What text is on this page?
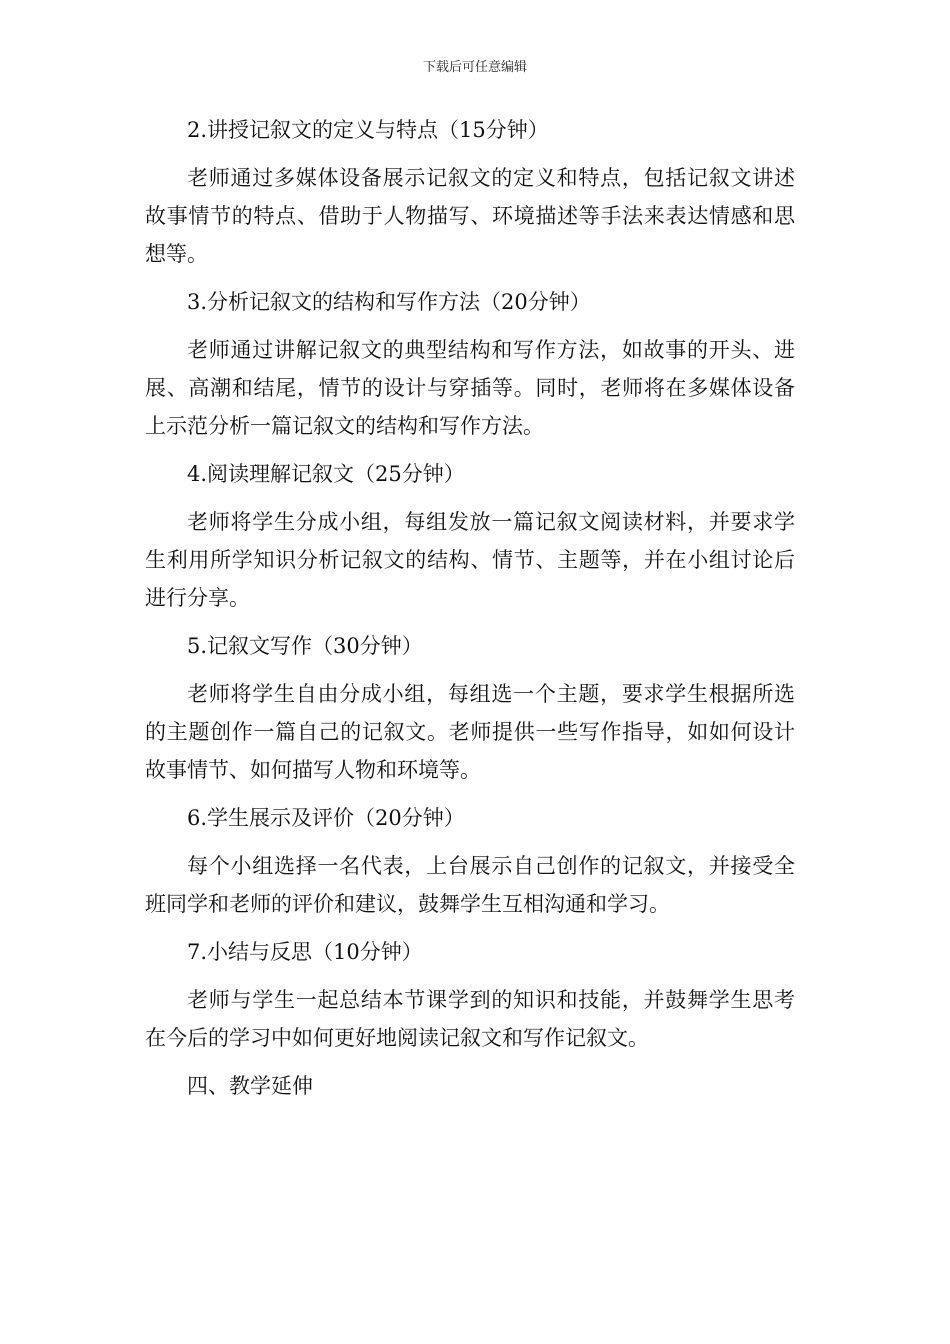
下载后可任意编辑

2.讲授记叙文的定义与特点（15分钟）

老师通过多媒体设备展示记叙文的定义和特点，包括记叙文讲述故事情节的特点、借助于人物描写、环境描述等手法来表达情感和思想等。

3.分析记叙文的结构和写作方法（20分钟）

老师通过讲解记叙文的典型结构和写作方法，如故事的开头、进展、高潮和结尾，情节的设计与穿插等。同时，老师将在多媒体设备上示范分析一篇记叙文的结构和写作方法。

4.阅读理解记叙文（25分钟）

老师将学生分成小组，每组发放一篇记叙文阅读材料，并要求学生利用所学知识分析记叙文的结构、情节、主题等，并在小组讨论后进行分享。

5.记叙文写作（30分钟）

老师将学生自由分成小组，每组选一个主题，要求学生根据所选的主题创作一篇自己的记叙文。老师提供一些写作指导，如如何设计故事情节、如何描写人物和环境等。

6.学生展示及评价（20分钟）

每个小组选择一名代表，上台展示自己创作的记叙文，并接受全班同学和老师的评价和建议，鼓舞学生互相沟通和学习。

7.小结与反思（10分钟）

老师与学生一起总结本节课学到的知识和技能，并鼓舞学生思考在今后的学习中如何更好地阅读记叙文和写作记叙文。

四、教学延伸
